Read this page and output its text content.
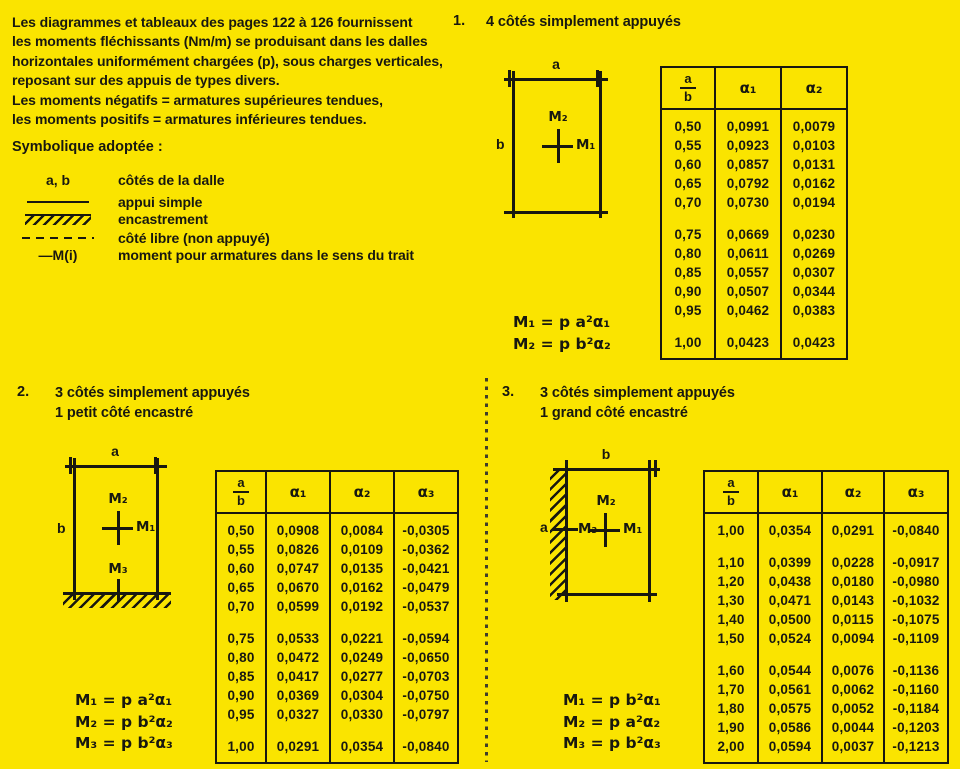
Les diagrammes et tableaux des pages 122 à 126 fournissent
les moments fléchissants (Nm/m) se produisant dans les dalles
horizontales uniformément chargées (p), sous charges verticales,
reposant sur des appuis de types divers.
Les moments négatifs = armatures supérieures tendues,
les moments positifs = armatures inférieures tendues.
Symbolique adoptée :
a, b	côtés de la dalle
appui simple
encastrement
côté libre (non appuyé)
—M(i)	moment pour armatures dans le sens du trait
1. 4 côtés simplement appuyés
2. 3 côtés simplement appuyés
1 petit côté encastré
3. 3 côtés simplement appuyés
1 grand côté encastré
a
b
M₂
M₁
a
b
M₂
M₁
M₃
b
a
M₂
M₁
M₃
M₁ = p a²α₁
M₂ = p b²α₂
M₁ = p a²α₁
M₂ = p b²α₂
M₃ = p b²α₃
M₁ = p b²α₁
M₂ = p a²α₂
M₃ = p b²α₃
$\frac{a}{b}$	α₁	α₂
0,50	0,0991	0,0079
0,55	0,0923	0,0103
0,60	0,0857	0,0131
0,65	0,0792	0,0162
0,70	0,0730	0,0194
0,75	0,0669	0,0230
0,80	0,0611	0,0269
0,85	0,0557	0,0307
0,90	0,0507	0,0344
0,95	0,0462	0,0383
1,00	0,0423	0,0423
$\frac{a}{b}$	α₁	α₂	α₃
0,50	0,0908	0,0084	-0,0305
0,55	0,0826	0,0109	-0,0362
0,60	0,0747	0,0135	-0,0421
0,65	0,0670	0,0162	-0,0479
0,70	0,0599	0,0192	-0,0537
0,75	0,0533	0,0221	-0,0594
0,80	0,0472	0,0249	-0,0650
0,85	0,0417	0,0277	-0,0703
0,90	0,0369	0,0304	-0,0750
0,95	0,0327	0,0330	-0,0797
1,00	0,0291	0,0354	-0,0840
$\frac{a}{b}$	α₁	α₂	α₃
1,00	0,0354	0,0291	-0,0840
1,10	0,0399	0,0228	-0,0917
1,20	0,0438	0,0180	-0,0980
1,30	0,0471	0,0143	-0,1032
1,40	0,0500	0,0115	-0,1075
1,50	0,0524	0,0094	-0,1109
1,60	0,0544	0,0076	-0,1136
1,70	0,0561	0,0062	-0,1160
1,80	0,0575	0,0052	-0,1184
1,90	0,0586	0,0044	-0,1203
2,00	0,0594	0,0037	-0,1213
